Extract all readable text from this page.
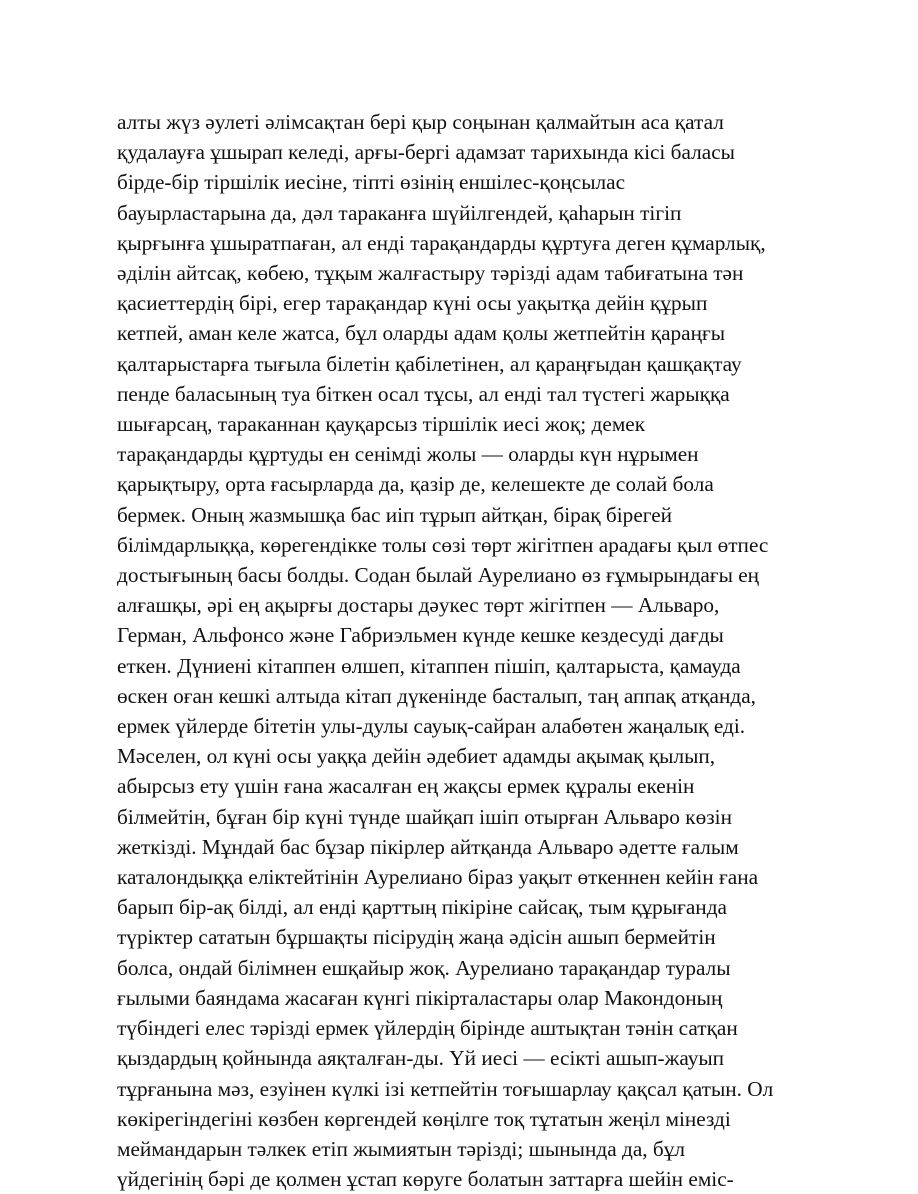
алты жүз әулеті әлімсақтан бері қыр соңынан қалмайтын аса қатал
қудалауға ұшырап келеді, арғы-бергі адамзат тарихында кісі баласы
бірде-бір тіршілік иесіне, тіпті өзінің еншілес-қоңсылас
бауырластарына да, дәл тараканға шүйілгендей, қаһарын тігіп
қырғынға ұшыратпаған, ал енді тарақандарды құртуға деген құмарлық,
әділін айтсақ, көбею, тұқым жалғастыру тәрізді адам табиғатына тән
қасиеттердің бірі, егер тарақандар күні осы уақытқа дейін құрып
кетпей, аман келе жатса, бұл оларды адам қолы жетпейтін қараңғы
қалтарыстарға тығыла білетін қабілетінен, ал қараңғыдан қашқақтау
пенде баласының туа біткен осал тұсы, ал енді тал түстегі жарыққа
шығарсаң, тараканнан қауқарсыз тіршілік иесі жоқ; демек
тарақандарды құртуды ен сенімді жолы — оларды күн нұрымен
қарықтыру, орта ғасырларда да, қазір де, келешекте де солай бола
бермек. Оның жазмышқа бас иіп тұрып айтқан, бірақ бірегей
білімдарлыққа, көрегендікке толы сөзі төрт жігітпен арадағы қыл өтпес
достығының басы болды. Содан былай Аурелиано өз ғұмырындағы ең
алғашқы, әрі ең ақырғы достары дәукес төрт жігітпен — Альваро,
Герман, Альфонсо және Габриэльмен күнде кешке кездесуді дағды
еткен. Дүниені кітаппен өлшеп, кітаппен пішіп, қалтарыста, қамауда
өскен оған кешкі алтыда кітап дүкенінде басталып, таң аппақ атқанда,
ермек үйлерде бітетін улы-дулы сауық-сайран алабөтен жаңалық еді.
Мәселен, ол күні осы уаққа дейін әдебиет адамды ақымақ қылып,
абырсыз ету үшін ғана жасалған ең жақсы ермек құралы екенін
білмейтін, бұған бір күні түнде шайқап ішіп отырған Альваро көзін
жеткізді. Мұндай бас бұзар пікірлер айтқанда Альваро әдетте ғалым
каталондыққа еліктейтінін Аурелиано біраз уақыт өткеннен кейін ғана
барып бір-ақ білді, ал енді қарттың пікіріне сайсақ, тым құрығанда
түріктер сататын бұршақты пісірудің жаңа әдісін ашып бермейтін
болса, ондай білімнен ешқайыр жоқ. Аурелиано тарақандар туралы
ғылыми баяндама жасаған күнгі пікірталастары олар Макондоның
түбіндегі елес тәрізді ермек үйлердің бірінде аштықтан тәнін сатқан
қыздардың қойнында аяқталған-ды. Үй иесі — есікті ашып-жауып
тұрғанына мәз, езуінен күлкі ізі кетпейтін тоғышарлау қақсал қатын. Ол
көкірегіндегіні көзбен көргендей көңілге тоқ тұтатын жеңіл мінезді
меймандарын тәлкек етіп жымиятын тәрізді; шынында да, бұл
үйдегінің бәрі де қолмен ұстап көруге болатын заттарға шейін еміс-
